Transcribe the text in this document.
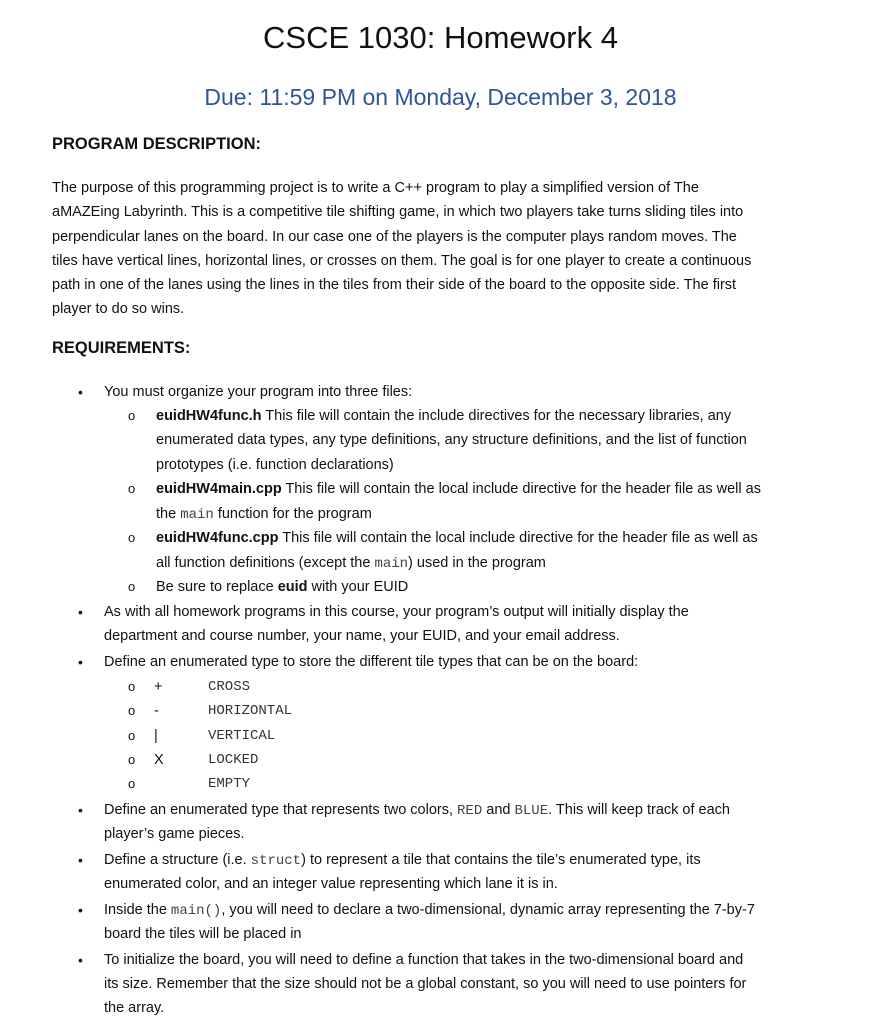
CSCE 1030: Homework 4
Due: 11:59 PM on Monday, December 3, 2018
PROGRAM DESCRIPTION:
The purpose of this programming project is to write a C++ program to play a simplified version of The
aMAZEing Labyrinth. This is a competitive tile shifting game, in which two players take turns sliding tiles into
perpendicular lanes on the board. In our case one of the players is the computer plays random moves. The
tiles have vertical lines, horizontal lines, or crosses on them. The goal is for one player to create a continuous
path in one of the lanes using the lines in the tiles from their side of the board to the opposite side. The first
player to do so wins.
REQUIREMENTS:
• You must organize your program into three files:
o euidHW4func.h This file will contain the include directives for the necessary libraries, any
enumerated data types, any type definitions, any structure definitions, and the list of function
prototypes (i.e. function declarations)
o euidHW4main.cpp This file will contain the local include directive for the header file as well as
the main function for the program
o euidHW4func.cpp This file will contain the local include directive for the header file as well as
all function definitions (except the main) used in the program
o Be sure to replace euid with your EUID
• As with all homework programs in this course, your program’s output will initially display the
department and course number, your name, your EUID, and your email address.
• Define an enumerated type to store the different tile types that can be on the board:
o +	CROSS
o -	HORIZONTAL
o |	VERTICAL
o X	LOCKED
o	EMPTY
• Define an enumerated type that represents two colors, RED and BLUE. This will keep track of each
player’s game pieces.
• Define a structure (i.e. struct) to represent a tile that contains the tile’s enumerated type, its
enumerated color, and an integer value representing which lane it is in.
• Inside the main(), you will need to declare a two-dimensional, dynamic array representing the 7-by-7
board the tiles will be placed in
• To initialize the board, you will need to define a function that takes in the two-dimensional board and
its size. Remember that the size should not be a global constant, so you will need to use pointers for
the array.
